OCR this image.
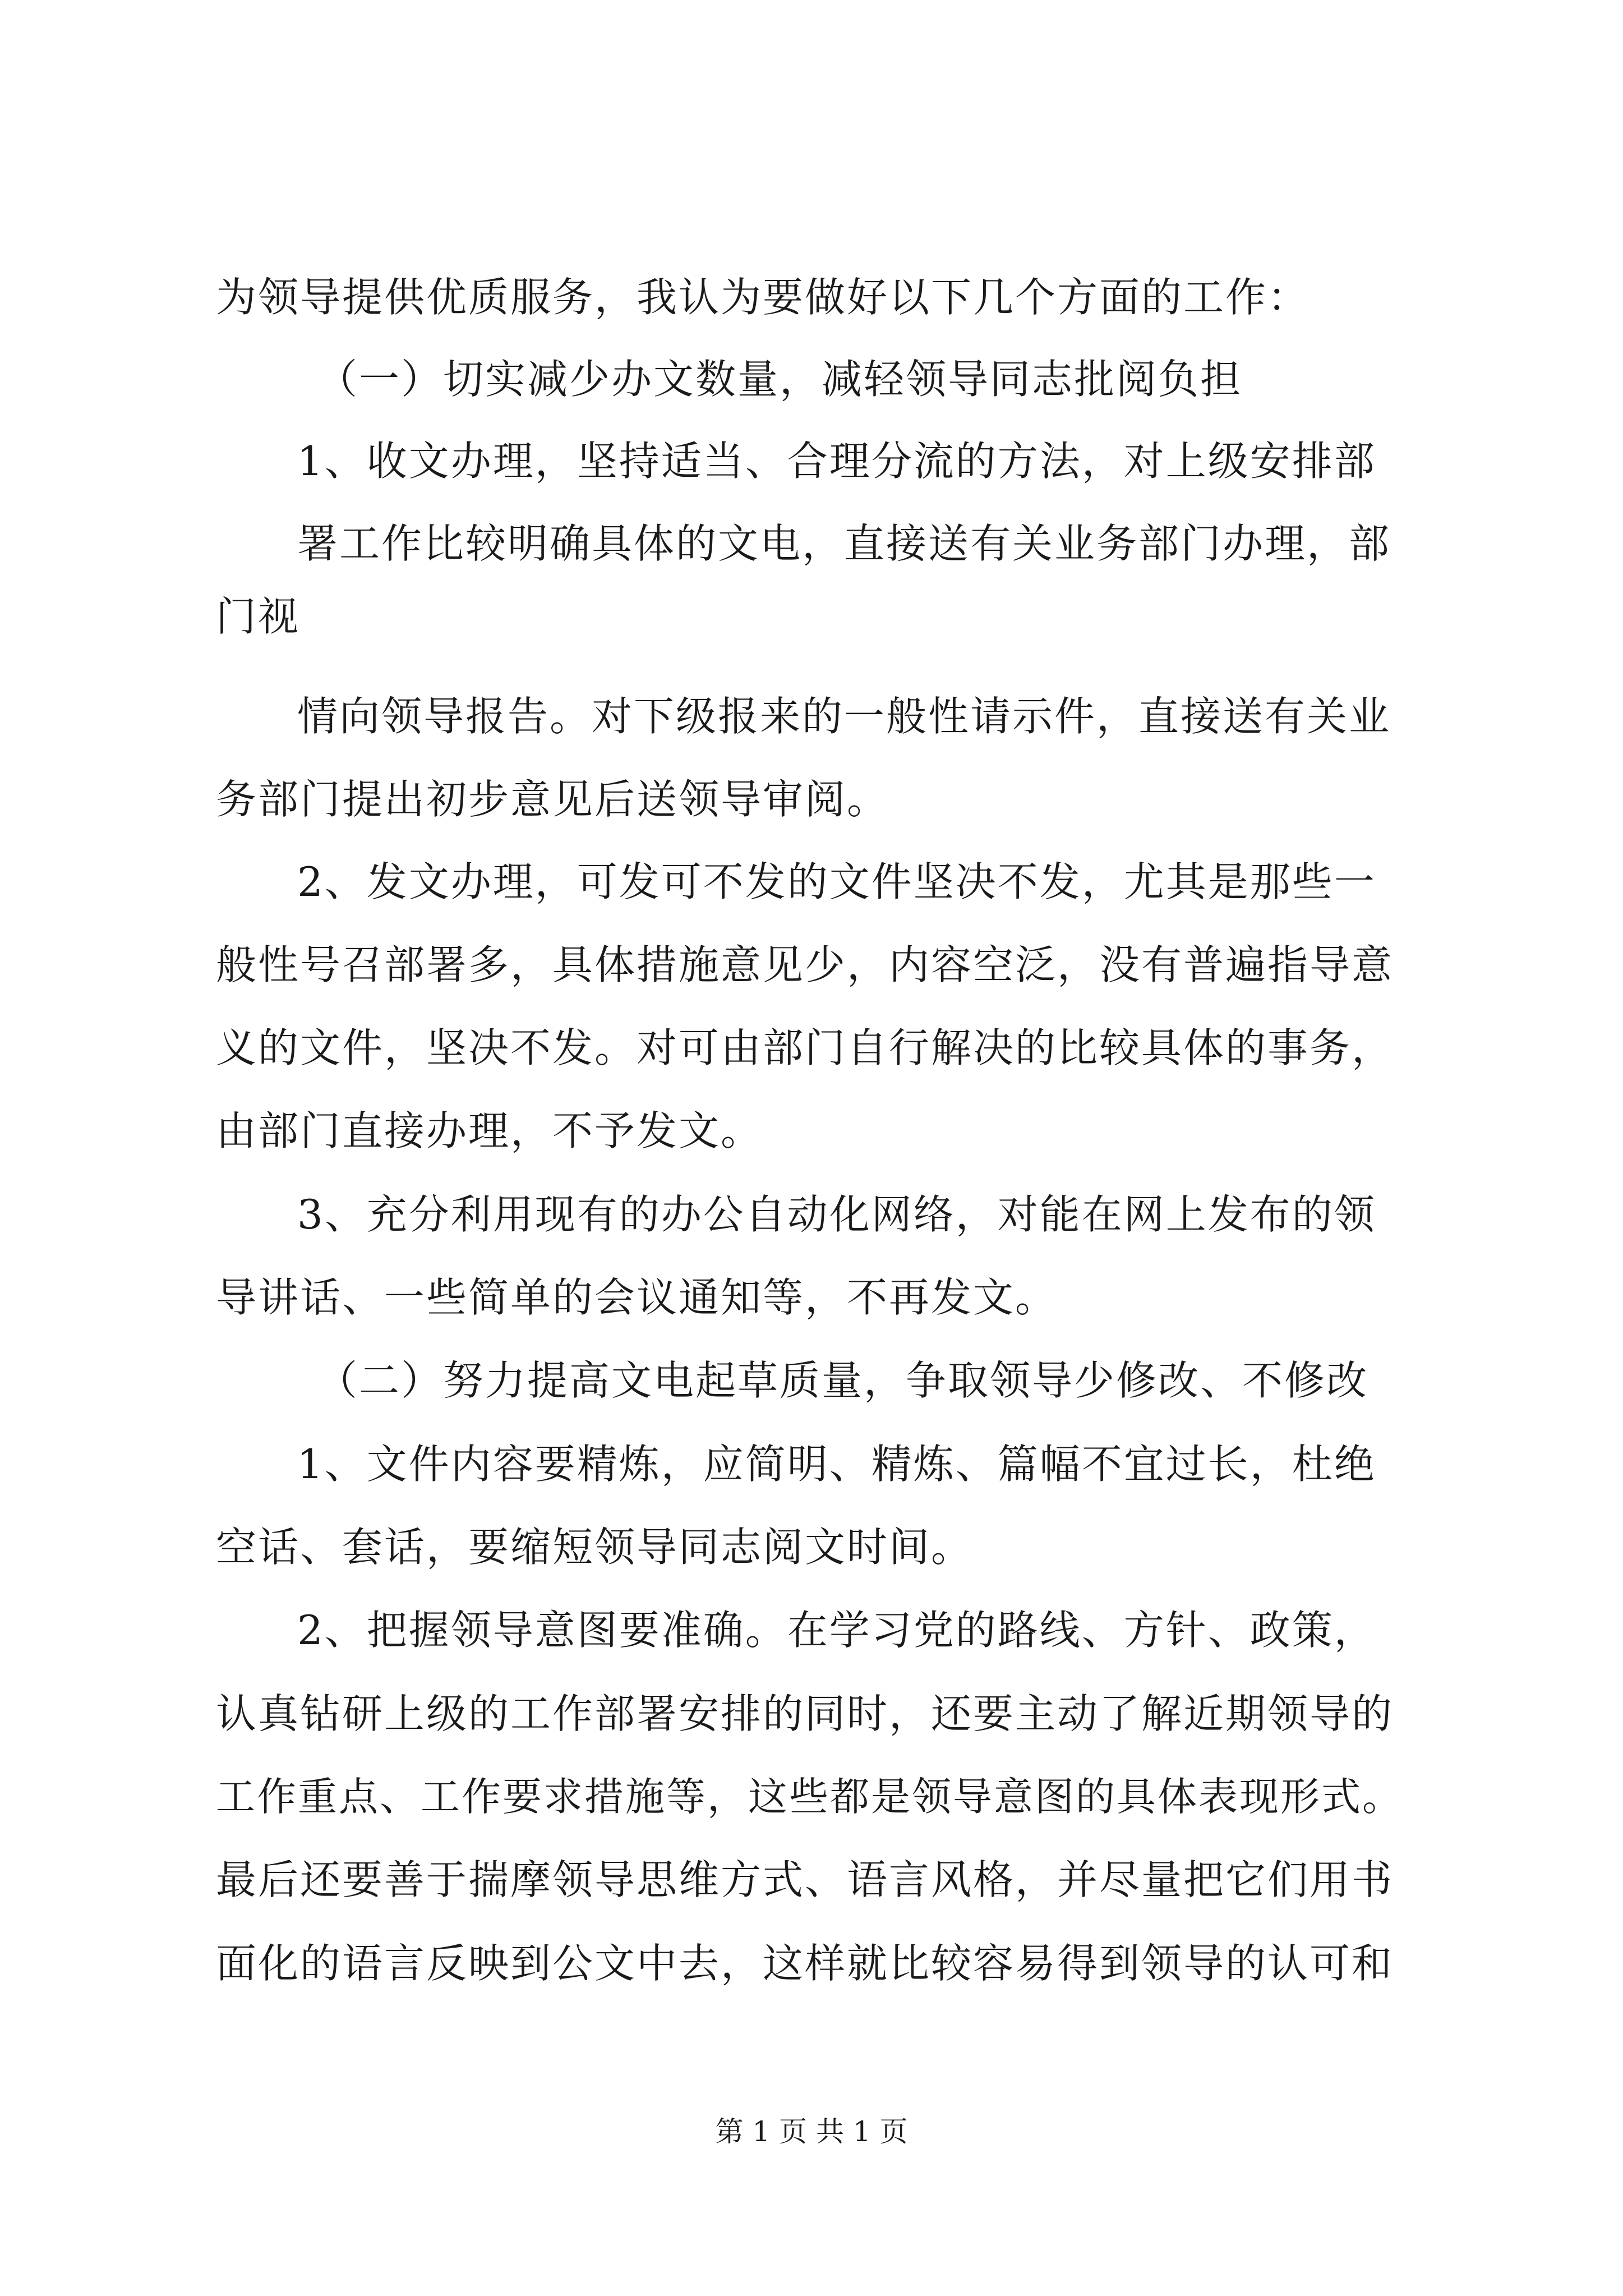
为领导提供优质服务，我认为要做好以下几个方面的工作：
（一）切实减少办文数量，减轻领导同志批阅负担
1、收文办理，坚持适当、合理分流的方法，对上级安排部
署工作比较明确具体的文电，直接送有关业务部门办理，部
门视
情向领导报告。对下级报来的一般性请示件，直接送有关业
务部门提出初步意见后送领导审阅。
2、发文办理，可发可不发的文件坚决不发，尤其是那些一
般性号召部署多，具体措施意见少，内容空泛，没有普遍指导意
义的文件，坚决不发。对可由部门自行解决的比较具体的事务，
由部门直接办理，不予发文。
3、充分利用现有的办公自动化网络，对能在网上发布的领
导讲话、一些简单的会议通知等，不再发文。
（二）努力提高文电起草质量，争取领导少修改、不修改
1、文件内容要精炼，应简明、精炼、篇幅不宜过长，杜绝
空话、套话，要缩短领导同志阅文时间。
2、把握领导意图要准确。在学习党的路线、方针、政策，
认真钻研上级的工作部署安排的同时，还要主动了解近期领导的
工作重点、工作要求措施等，这些都是领导意图的具体表现形式。
最后还要善于揣摩领导思维方式、语言风格，并尽量把它们用书
面化的语言反映到公文中去，这样就比较容易得到领导的认可和
第 1 页 共 1 页
